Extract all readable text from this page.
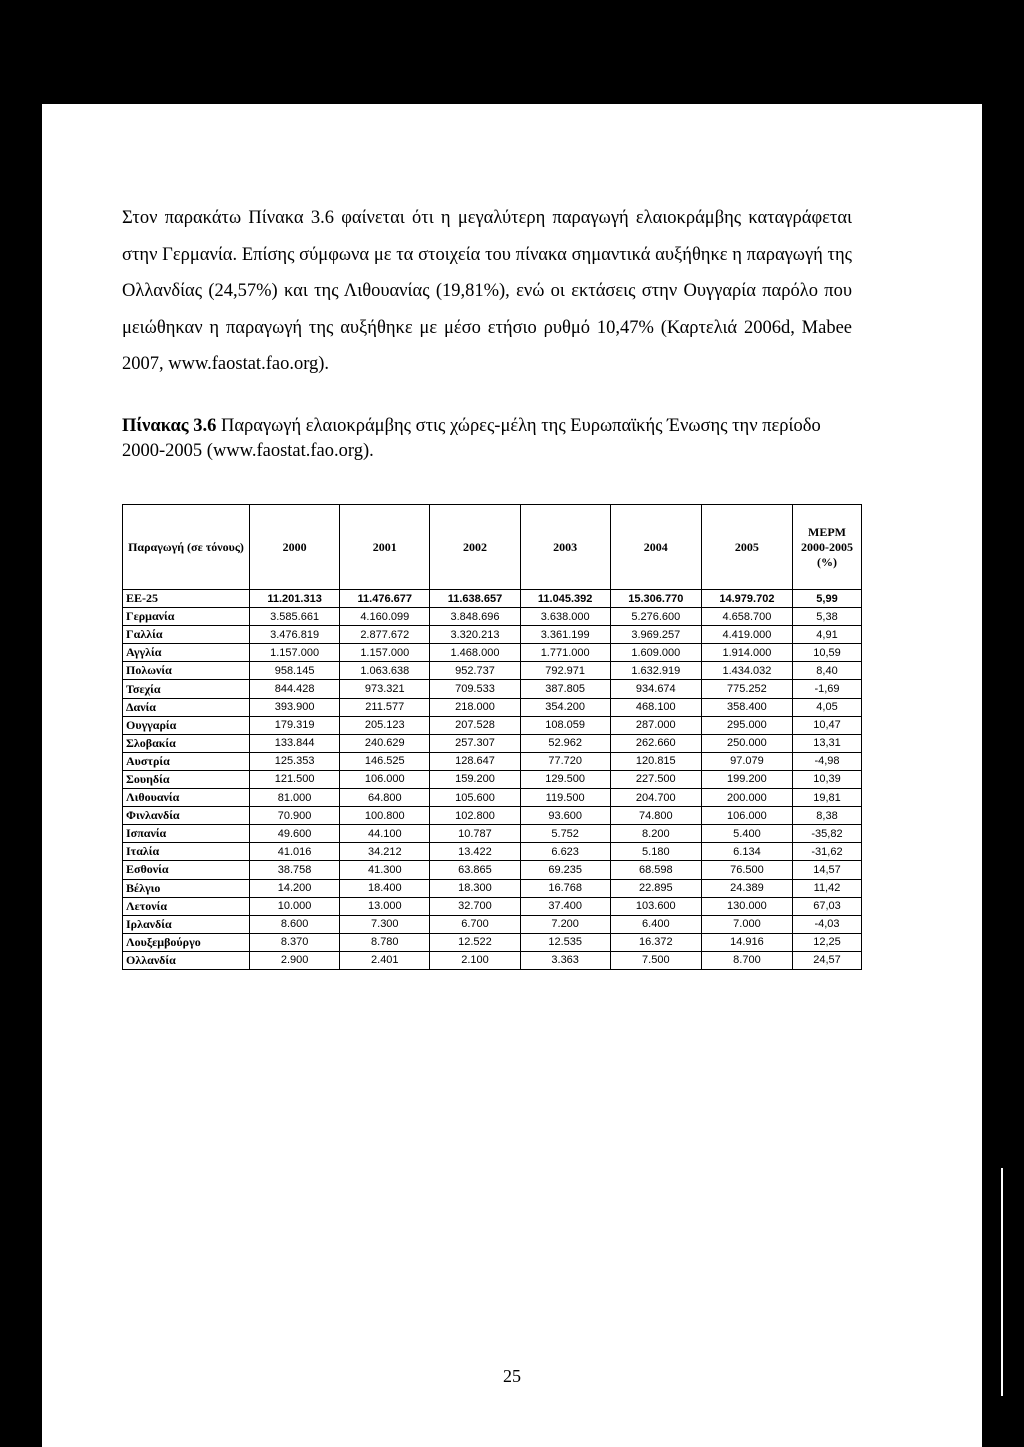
Στον παρακάτω Πίνακα 3.6 φαίνεται ότι η μεγαλύτερη παραγωγή ελαιοκράμβης καταγράφεται στην Γερμανία. Επίσης σύμφωνα με τα στοιχεία του πίνακα σημαντικά αυξήθηκε η παραγωγή της Ολλανδίας (24,57%) και της Λιθουανίας (19,81%), ενώ οι εκτάσεις στην Ουγγαρία παρόλο που μειώθηκαν η παραγωγή της αυξήθηκε με μέσο ετήσιο ρυθμό 10,47% (Καρτελιά 2006d, Mabee 2007, www.faostat.fao.org).

Πίνακας 3.6 Παραγωγή ελαιοκράμβης στις χώρες-μέλη της Ευρωπαϊκής Ένωσης την περίοδο 2000-2005 (www.faostat.fao.org).

Παραγωγή (σε τόνους)	2000	2001	2002	2003	2004	2005	ΜΕΡΜ 2000-2005 (%)
ΕΕ-25	11.201.313	11.476.677	11.638.657	11.045.392	15.306.770	14.979.702	5,99
Γερμανία	3.585.661	4.160.099	3.848.696	3.638.000	5.276.600	4.658.700	5,38
Γαλλία	3.476.819	2.877.672	3.320.213	3.361.199	3.969.257	4.419.000	4,91
Αγγλία	1.157.000	1.157.000	1.468.000	1.771.000	1.609.000	1.914.000	10,59
Πολωνία	958.145	1.063.638	952.737	792.971	1.632.919	1.434.032	8,40
Τσεχία	844.428	973.321	709.533	387.805	934.674	775.252	-1,69
Δανία	393.900	211.577	218.000	354.200	468.100	358.400	4,05
Ουγγαρία	179.319	205.123	207.528	108.059	287.000	295.000	10,47
Σλοβακία	133.844	240.629	257.307	52.962	262.660	250.000	13,31
Αυστρία	125.353	146.525	128.647	77.720	120.815	97.079	-4,98
Σουηδία	121.500	106.000	159.200	129.500	227.500	199.200	10,39
Λιθουανία	81.000	64.800	105.600	119.500	204.700	200.000	19,81
Φινλανδία	70.900	100.800	102.800	93.600	74.800	106.000	8,38
Ισπανία	49.600	44.100	10.787	5.752	8.200	5.400	-35,82
Ιταλία	41.016	34.212	13.422	6.623	5.180	6.134	-31,62
Εσθονία	38.758	41.300	63.865	69.235	68.598	76.500	14,57
Βέλγιο	14.200	18.400	18.300	16.768	22.895	24.389	11,42
Λετονία	10.000	13.000	32.700	37.400	103.600	130.000	67,03
Ιρλανδία	8.600	7.300	6.700	7.200	6.400	7.000	-4,03
Λουξεμβούργο	8.370	8.780	12.522	12.535	16.372	14.916	12,25
Ολλανδία	2.900	2.401	2.100	3.363	7.500	8.700	24,57
25
